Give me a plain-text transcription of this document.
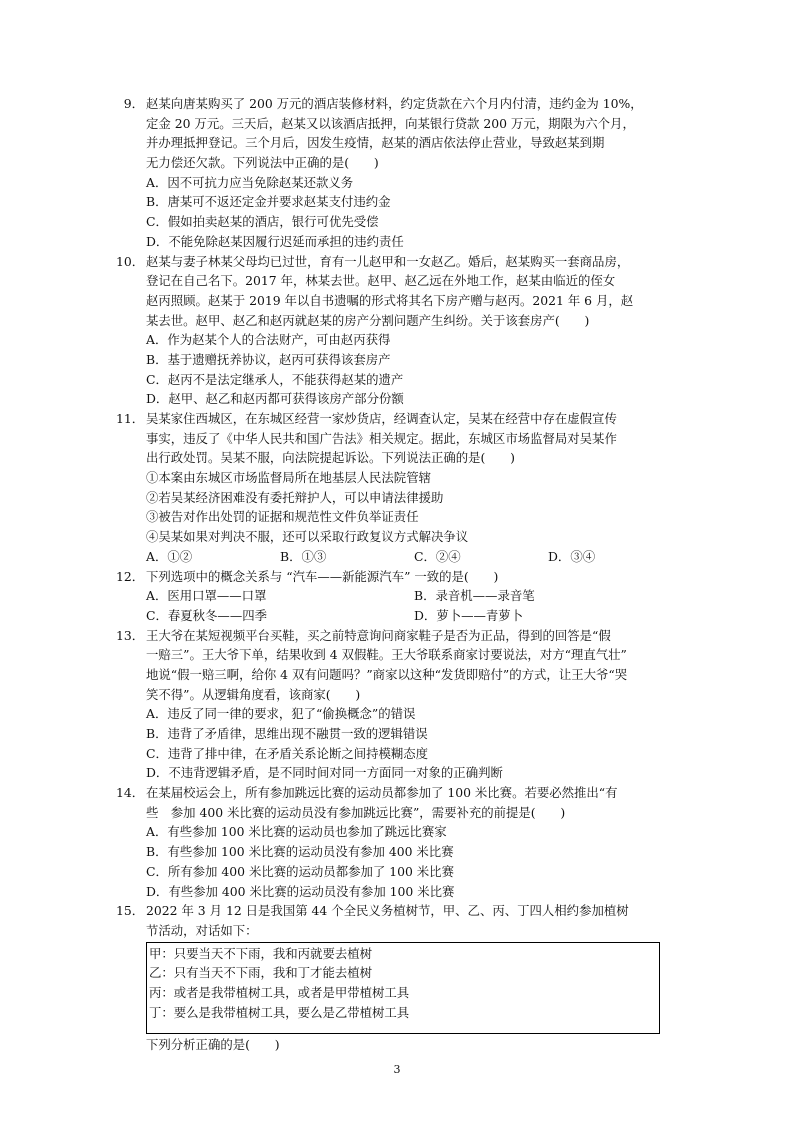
9． 赵某向唐某购买了 200 万元的酒店装修材料，约定货款在六个月内付清，违约金为 10%，
定金 20 万元。三天后，赵某又以该酒店抵押，向某银行贷款 200 万元，期限为六个月，
并办理抵押登记。三个月后，因发生疫情，赵某的酒店依法停止营业，导致赵某到期
无力偿还欠款。下列说法中正确的是(　　)
A．因不可抗力应当免除赵某还款义务
B．唐某可不返还定金并要求赵某支付违约金
C．假如拍卖赵某的酒店，银行可优先受偿
D．不能免除赵某因履行迟延而承担的违约责任
10． 赵某与妻子林某父母均已过世，育有一儿赵甲和一女赵乙。婚后，赵某购买一套商品房，
登记在自己名下。2017 年，林某去世。赵甲、赵乙远在外地工作，赵某由临近的侄女
赵丙照顾。赵某于 2019 年以自书遗嘱的形式将其名下房产赠与赵丙。2021 年 6 月，赵
某去世。赵甲、赵乙和赵丙就赵某的房产分割问题产生纠纷。关于该套房产(　　)
A．作为赵某个人的合法财产，可由赵丙获得
B．基于遗赠抚养协议，赵丙可获得该套房产
C．赵丙不是法定继承人，不能获得赵某的遗产
D．赵甲、赵乙和赵丙都可获得该房产部分份额
11． 吴某家住西城区，在东城区经营一家炒货店，经调查认定，吴某在经营中存在虚假宣传
事实，违反了《中华人民共和国广告法》相关规定。据此，东城区市场监督局对吴某作
出行政处罚。吴某不服，向法院提起诉讼。下列说法正确的是(　　)
①本案由东城区市场监督局所在地基层人民法院管辖
②若吴某经济困难没有委托辩护人，可以申请法律援助
③被告对作出处罚的证据和规范性文件负举证责任
④吴某如果对判决不服，还可以采取行政复议方式解决争议
A．①②	B．①③	C．②④	D．③④
12． 下列选项中的概念关系与 “汽车——新能源汽车” 一致的是(　　)
A．医用口罩——口罩	B．录音机——录音笔
C．春夏秋冬——四季	D．萝卜——青萝卜
13． 王大爷在某短视频平台买鞋，买之前特意询问商家鞋子是否为正品，得到的回答是“假
一赔三”。王大爷下单，结果收到 4 双假鞋。王大爷联系商家讨要说法，对方“理直气壮”
地说“假一赔三啊，给你 4 双有问题吗？”商家以这种“发货即赔付”的方式，让王大爷“哭
笑不得”。从逻辑角度看，该商家(　　)
A．违反了同一律的要求，犯了“偷换概念”的错误
B．违背了矛盾律，思维出现不融贯一致的逻辑错误
C．违背了排中律，在矛盾关系论断之间持模糊态度
D．不违背逻辑矛盾，是不同时间对同一方面同一对象的正确判断
14． 在某届校运会上，所有参加跳远比赛的运动员都参加了 100 米比赛。若要必然推出“有
些　参加 400 米比赛的运动员没有参加跳远比赛”，需要补充的前提是(　　)
A．有些参加 100 米比赛的运动员也参加了跳远比赛家
B．有些参加 100 米比赛的运动员没有参加 400 米比赛
C．所有参加 400 米比赛的运动员都参加了 100 米比赛
D．有些参加 400 米比赛的运动员没有参加 100 米比赛
15． 2022 年 3 月 12 日是我国第 44 个全民义务植树节，甲、乙、丙、丁四人相约参加植树
节活动，对话如下：
甲：只要当天不下雨，我和丙就要去植树
乙：只有当天不下雨，我和丁才能去植树
丙：或者是我带植树工具，或者是甲带植树工具
丁：要么是我带植树工具，要么是乙带植树工具
下列分析正确的是(　　)
3
